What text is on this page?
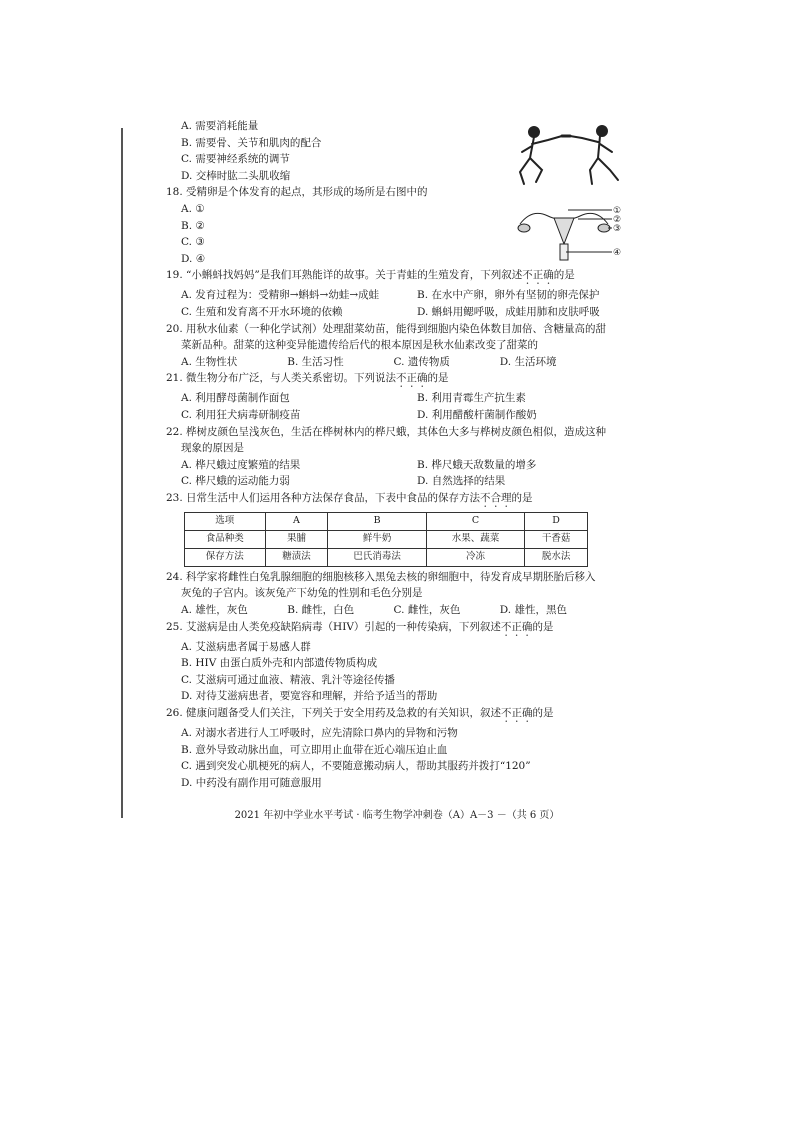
①
②
③
④
A. 需要消耗能量
B. 需要骨、关节和肌肉的配合
C. 需要神经系统的调节
D. 交棒时肱二头肌收缩
18. 受精卵是个体发育的起点，其形成的场所是右图中的
A. ①
B. ②
C. ③
D. ④
19. “小蝌蚪找妈妈”是我们耳熟能详的故事。关于青蛙的生殖发育，下列叙述不正确的是
A. 发育过程为：受精卵→蝌蚪→幼蛙→成蛙	B. 在水中产卵，卵外有坚韧的卵壳保护
C. 生殖和发育离不开水环境的依赖	D. 蝌蚪用鳃呼吸，成蛙用肺和皮肤呼吸
20. 用秋水仙素（一种化学试剂）处理甜菜幼苗，能得到细胞内染色体数目加倍、含糖量高的甜
菜新品种。甜菜的这种变异能遗传给后代的根本原因是秋水仙素改变了甜菜的
A. 生物性状	B. 生活习性	C. 遗传物质	D. 生活环境
21. 微生物分布广泛，与人类关系密切。下列说法不正确的是
A. 利用酵母菌制作面包	B. 利用青霉生产抗生素
C. 利用狂犬病毒研制疫苗	D. 利用醋酸杆菌制作酸奶
22. 桦树皮颜色呈浅灰色，生活在桦树林内的桦尺蛾，其体色大多与桦树皮颜色相似，造成这种
现象的原因是
A. 桦尺蛾过度繁殖的结果	B. 桦尺蛾天敌数量的增多
C. 桦尺蛾的运动能力弱	D. 自然选择的结果
23. 日常生活中人们运用各种方法保存食品，下表中食品的保存方法不合理的是
选项	A	B	C	D
食品种类	果脯	鲜牛奶	水果、蔬菜	干香菇
保存方法	糖渍法	巴氏消毒法	冷冻	脱水法
24. 科学家将雌性白兔乳腺细胞的细胞核移入黑兔去核的卵细胞中，待发育成早期胚胎后移入
灰兔的子宫内。该灰兔产下幼兔的性别和毛色分别是
A. 雄性，灰色	B. 雌性，白色	C. 雌性，灰色	D. 雄性，黑色
25. 艾滋病是由人类免疫缺陷病毒（HIV）引起的一种传染病，下列叙述不正确的是
A. 艾滋病患者属于易感人群
B. HIV 由蛋白质外壳和内部遗传物质构成
C. 艾滋病可通过血液、精液、乳汁等途径传播
D. 对待艾滋病患者，要宽容和理解，并给予适当的帮助
26. 健康问题备受人们关注，下列关于安全用药及急救的有关知识，叙述不正确的是
A. 对溺水者进行人工呼吸时，应先清除口鼻内的异物和污物
B. 意外导致动脉出血，可立即用止血带在近心端压迫止血
C. 遇到突发心肌梗死的病人，不要随意搬动病人，帮助其服药并拨打“120”
D. 中药没有副作用可随意服用
2021 年初中学业水平考试 · 临考生物学冲刺卷（A）A－3 －（共 6 页）
